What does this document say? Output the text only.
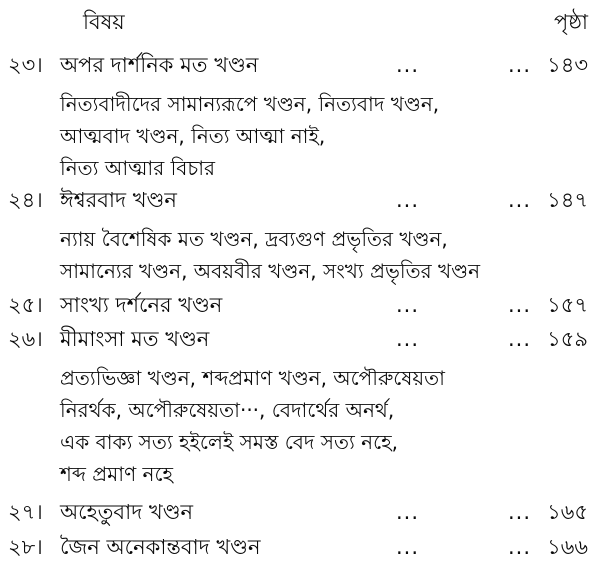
বিষয়	পৃষ্ঠা
২৩। অপর দার্শনিক মত খণ্ডন	...	... ১৪৩
নিত্যবাদীদের সামান্যরূপে খণ্ডন, নিত্যবাদ খণ্ডন,
আত্মবাদ খণ্ডন, নিত্য আত্মা নাই,
নিত্য আত্মার বিচার
২৪। ঈশ্বরবাদ খণ্ডন	...	... ১৪৭
ন্যায় বৈশেষিক মত খণ্ডন, দ্রব্যগুণ প্রভৃতির খণ্ডন,
সামান্যের খণ্ডন, অবয়বীর খণ্ডন, সংখ্য প্রভৃতির খণ্ডন
২৫। সাংখ্য দর্শনের খণ্ডন	...	... ১৫৭
২৬। মীমাংসা মত খণ্ডন	...	... ১৫৯
প্রত্যভিজ্ঞা খণ্ডন, শব্দপ্রমাণ খণ্ডন, অপৌরুষেয়তা
নিরর্থক, অপৌরুষেয়তা···, বেদার্থের অনর্থ,
এক বাক্য সত্য হইলেই সমস্ত বেদ সত্য নহে,
শব্দ প্রমাণ নহে
২৭। অহেতুবাদ খণ্ডন	...	... ১৬৫
২৮। জৈন অনেকান্তবাদ খণ্ডন	...	... ১৬৬
